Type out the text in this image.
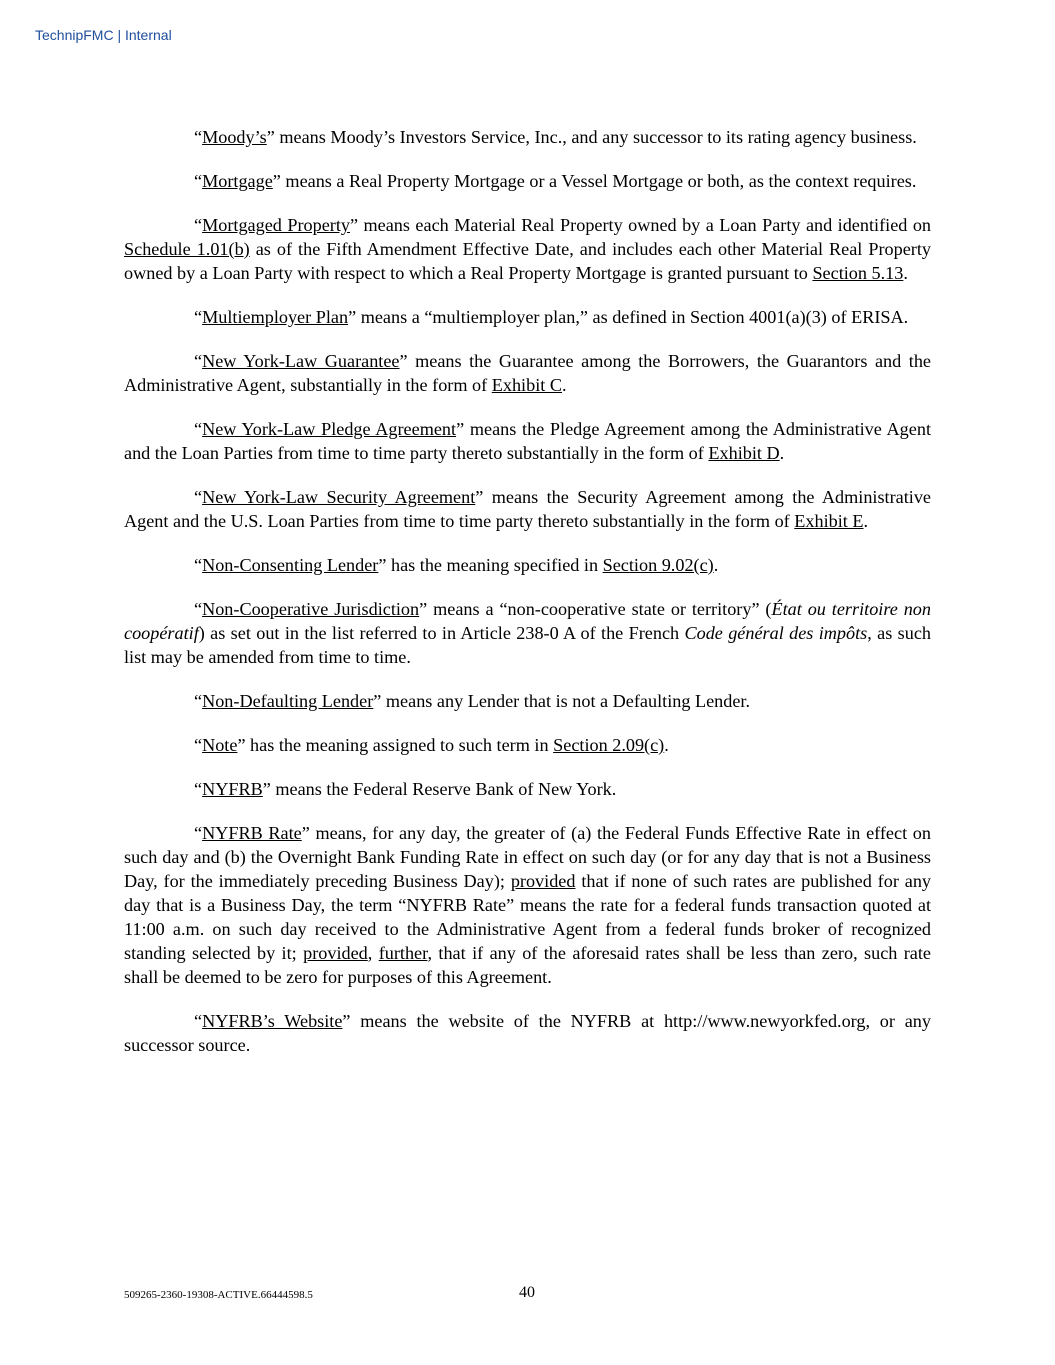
TechnipFMC | Internal

“Moody’s” means Moody’s Investors Service, Inc., and any successor to its rating agency business.

“Mortgage” means a Real Property Mortgage or a Vessel Mortgage or both, as the context requires.

“Mortgaged Property” means each Material Real Property owned by a Loan Party and identified on Schedule 1.01(b) as of the Fifth Amendment Effective Date, and includes each other Material Real Property owned by a Loan Party with respect to which a Real Property Mortgage is granted pursuant to Section 5.13.

“Multiemployer Plan” means a “multiemployer plan,” as defined in Section 4001(a)(3) of ERISA.

“New York-Law Guarantee” means the Guarantee among the Borrowers, the Guarantors and the Administrative Agent, substantially in the form of Exhibit C.

“New York-Law Pledge Agreement” means the Pledge Agreement among the Administrative Agent and the Loan Parties from time to time party thereto substantially in the form of Exhibit D.

“New York-Law Security Agreement” means the Security Agreement among the Administrative Agent and the U.S. Loan Parties from time to time party thereto substantially in the form of Exhibit E.

“Non-Consenting Lender” has the meaning specified in Section 9.02(c).

“Non-Cooperative Jurisdiction” means a “non-cooperative state or territory” (État ou territoire non coopératif) as set out in the list referred to in Article 238-0 A of the French Code général des impôts, as such list may be amended from time to time.

“Non-Defaulting Lender” means any Lender that is not a Defaulting Lender.

“Note” has the meaning assigned to such term in Section 2.09(c).

“NYFRB” means the Federal Reserve Bank of New York.

“NYFRB Rate” means, for any day, the greater of (a) the Federal Funds Effective Rate in effect on such day and (b) the Overnight Bank Funding Rate in effect on such day (or for any day that is not a Business Day, for the immediately preceding Business Day); provided that if none of such rates are published for any day that is a Business Day, the term “NYFRB Rate” means the rate for a federal funds transaction quoted at 11:00 a.m. on such day received to the Administrative Agent from a federal funds broker of recognized standing selected by it; provided, further, that if any of the aforesaid rates shall be less than zero, such rate shall be deemed to be zero for purposes of this Agreement.

“NYFRB’s Website” means the website of the NYFRB at http://www.newyorkfed.org, or any successor source.

509265-2360-19308-ACTIVE.66444598.5	40
